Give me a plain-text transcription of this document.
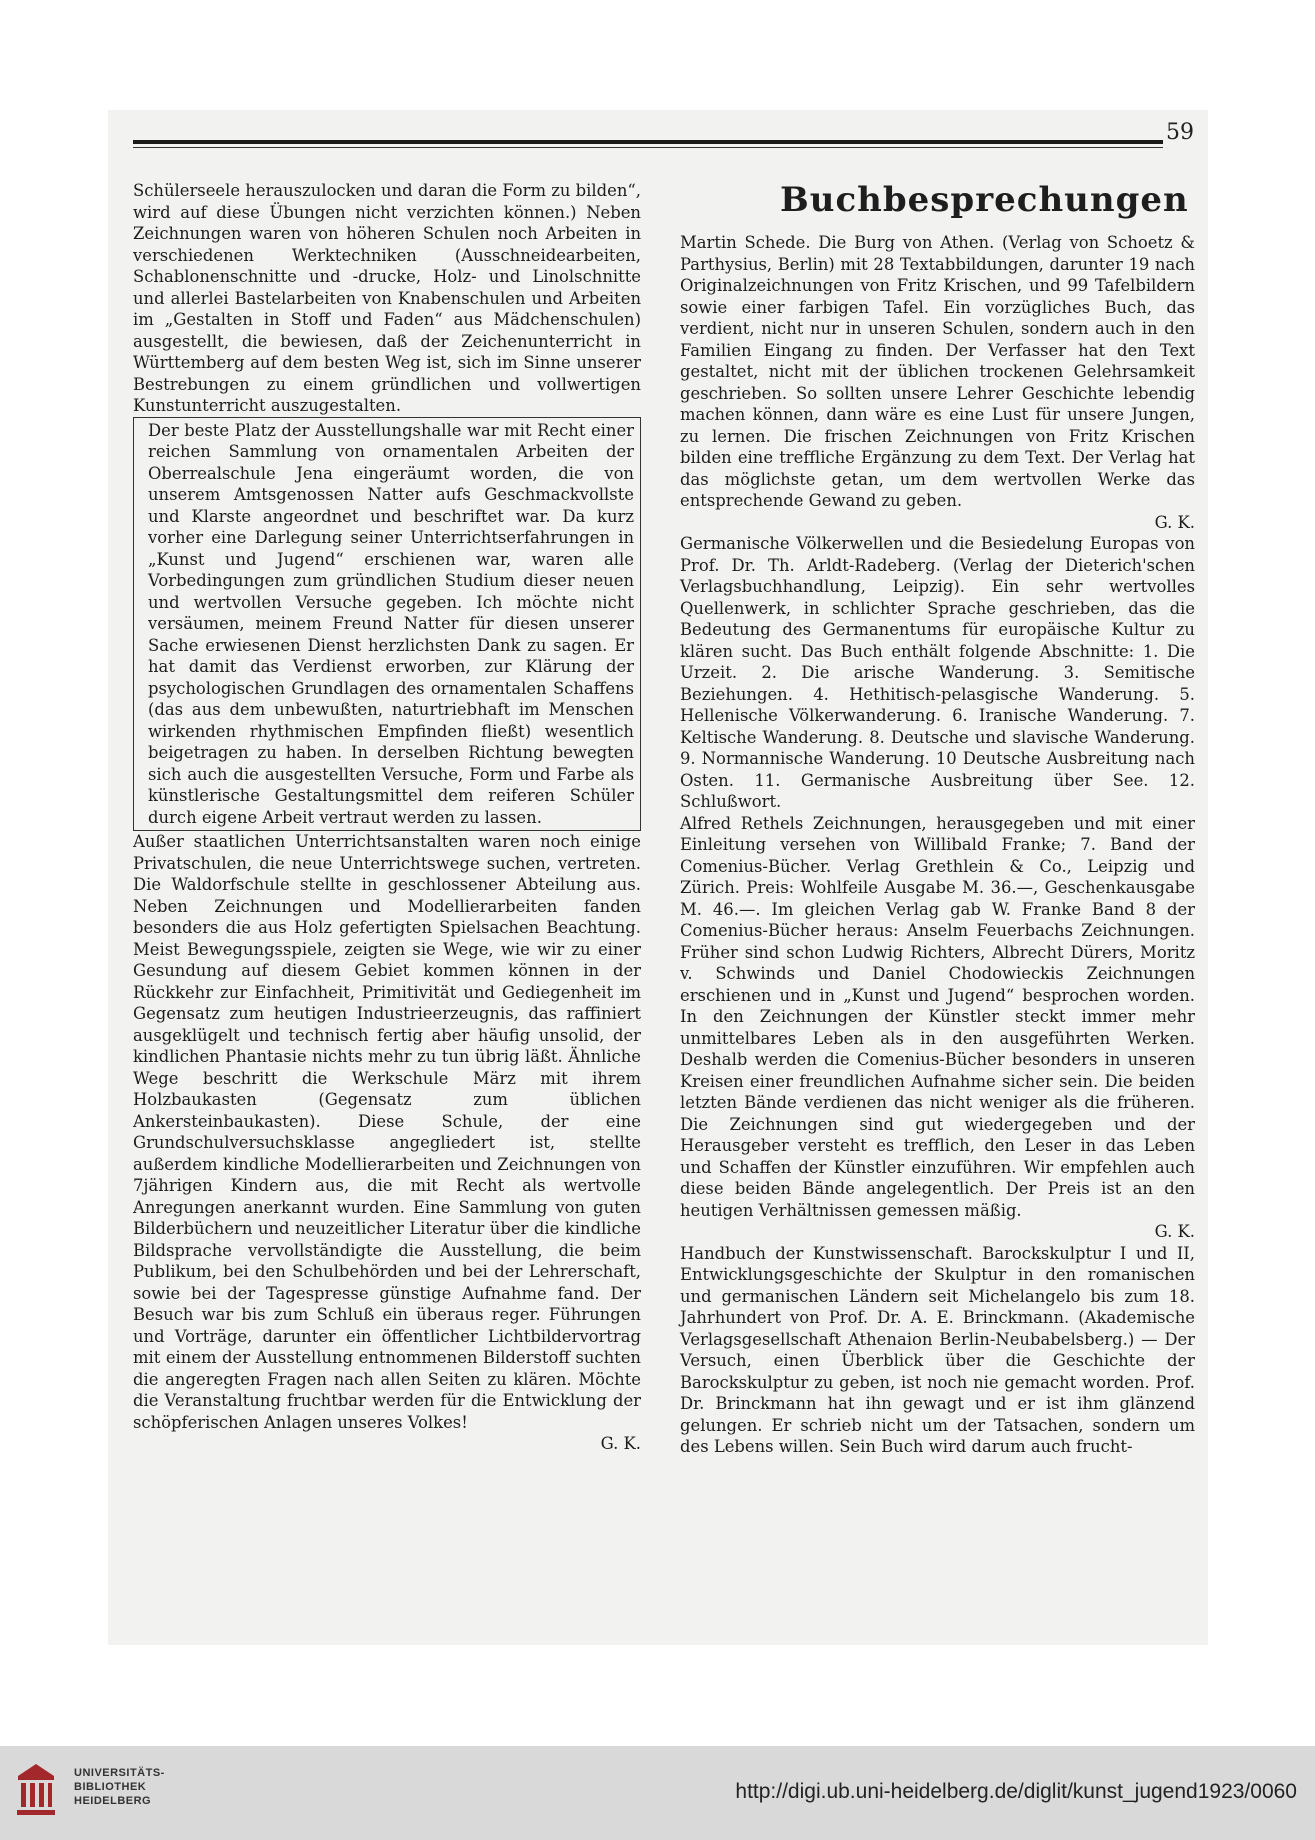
59

Schülerseele herauszulocken und daran die Form zu bilden“, wird auf diese Übungen nicht verzichten können.) Neben Zeichnungen waren von höheren Schulen noch Arbeiten in verschiedenen Werktechniken (Ausschneidearbeiten, Schablonenschnitte und -drucke, Holz- und Linolschnitte und allerlei Bastelarbeiten von Knabenschulen und Arbeiten im „Gestalten in Stoff und Faden“ aus Mädchenschulen) ausgestellt, die bewiesen, daß der Zeichenunterricht in Württemberg auf dem besten Weg ist, sich im Sinne unserer Bestrebungen zu einem gründlichen und vollwertigen Kunstunterricht auszugestalten.

Der beste Platz der Ausstellungshalle war mit Recht einer reichen Sammlung von ornamentalen Arbeiten der Oberrealschule Jena eingeräumt worden, die von unserem Amtsgenossen Natter aufs Geschmackvollste und Klarste angeordnet und beschriftet war. Da kurz vorher eine Darlegung seiner Unterrichtserfahrungen in „Kunst und Jugend“ erschienen war, waren alle Vorbedingungen zum gründlichen Studium dieser neuen und wertvollen Versuche gegeben. Ich möchte nicht versäumen, meinem Freund Natter für diesen unserer Sache erwiesenen Dienst herzlichsten Dank zu sagen. Er hat damit das Verdienst erworben, zur Klärung der psychologischen Grundlagen des ornamentalen Schaffens (das aus dem unbewußten, naturtriebhaft im Menschen wirkenden rhythmischen Empfinden fließt) wesentlich beigetragen zu haben. In derselben Richtung bewegten sich auch die ausgestellten Versuche, Form und Farbe als künstlerische Gestaltungsmittel dem reiferen Schüler durch eigene Arbeit vertraut werden zu lassen.

Außer staatlichen Unterrichtsanstalten waren noch einige Privatschulen, die neue Unterrichtswege suchen, vertreten. Die Waldorfschule stellte in geschlossener Abteilung aus. Neben Zeichnungen und Modellierarbeiten fanden besonders die aus Holz gefertigten Spielsachen Beachtung. Meist Bewegungsspiele, zeigten sie Wege, wie wir zu einer Gesundung auf diesem Gebiet kommen können in der Rückkehr zur Einfachheit, Primitivität und Gediegenheit im Gegensatz zum heutigen Industrieerzeugnis, das raffiniert ausgeklügelt und technisch fertig aber häufig unsolid, der kindlichen Phantasie nichts mehr zu tun übrig läßt. Ähnliche Wege beschritt die Werkschule März mit ihrem Holzbaukasten (Gegensatz zum üblichen Ankersteinbaukasten). Diese Schule, der eine Grundschulversuchsklasse angegliedert ist, stellte außerdem kindliche Modellierarbeiten und Zeichnungen von 7jährigen Kindern aus, die mit Recht als wertvolle Anregungen anerkannt wurden. Eine Sammlung von guten Bilderbüchern und neuzeitlicher Literatur über die kindliche Bildsprache vervollständigte die Ausstellung, die beim Publikum, bei den Schulbehörden und bei der Lehrerschaft, sowie bei der Tagespresse günstige Aufnahme fand. Der Besuch war bis zum Schluß ein überaus reger. Führungen und Vorträge, darunter ein öffentlicher Lichtbildervortrag mit einem der Ausstellung entnommenen Bilderstoff suchten die angeregten Fragen nach allen Seiten zu klären. Möchte die Veranstaltung fruchtbar werden für die Entwicklung der schöpferischen Anlagen unseres Volkes!

G. K.

Buchbesprechungen

Martin Schede. Die Burg von Athen. (Verlag von Schoetz & Parthysius, Berlin) mit 28 Textabbildungen, darunter 19 nach Originalzeichnungen von Fritz Krischen, und 99 Tafelbildern sowie einer farbigen Tafel. Ein vorzügliches Buch, das verdient, nicht nur in unseren Schulen, sondern auch in den Familien Eingang zu finden. Der Verfasser hat den Text gestaltet, nicht mit der üblichen trockenen Gelehrsamkeit geschrieben. So sollten unsere Lehrer Geschichte lebendig machen können, dann wäre es eine Lust für unsere Jungen, zu lernen. Die frischen Zeichnungen von Fritz Krischen bilden eine treffliche Ergänzung zu dem Text. Der Verlag hat das möglichste getan, um dem wertvollen Werke das entsprechende Gewand zu geben.

G. K.

Germanische Völkerwellen und die Besiedelung Europas von Prof. Dr. Th. Arldt-Radeberg. (Verlag der Dieterich'schen Verlagsbuchhandlung, Leipzig). Ein sehr wertvolles Quellenwerk, in schlichter Sprache geschrieben, das die Bedeutung des Germanentums für europäische Kultur zu klären sucht. Das Buch enthält folgende Abschnitte: 1. Die Urzeit. 2. Die arische Wanderung. 3. Semitische Beziehungen. 4. Hethitisch-pelasgische Wanderung. 5. Hellenische Völkerwanderung. 6. Iranische Wanderung. 7. Keltische Wanderung. 8. Deutsche und slavische Wanderung. 9. Normannische Wanderung. 10 Deutsche Ausbreitung nach Osten. 11. Germanische Ausbreitung über See. 12. Schlußwort.

Alfred Rethels Zeichnungen, herausgegeben und mit einer Einleitung versehen von Willibald Franke; 7. Band der Comenius-Bücher. Verlag Grethlein & Co., Leipzig und Zürich. Preis: Wohlfeile Ausgabe M. 36.—, Geschenkausgabe M. 46.—. Im gleichen Verlag gab W. Franke Band 8 der Comenius-Bücher heraus: Anselm Feuerbachs Zeichnungen. Früher sind schon Ludwig Richters, Albrecht Dürers, Moritz v. Schwinds und Daniel Chodowieckis Zeichnungen erschienen und in „Kunst und Jugend“ besprochen worden. In den Zeichnungen der Künstler steckt immer mehr unmittelbares Leben als in den ausgeführten Werken. Deshalb werden die Comenius-Bücher besonders in unseren Kreisen einer freundlichen Aufnahme sicher sein. Die beiden letzten Bände verdienen das nicht weniger als die früheren. Die Zeichnungen sind gut wiedergegeben und der Herausgeber versteht es trefflich, den Leser in das Leben und Schaffen der Künstler einzuführen. Wir empfehlen auch diese beiden Bände angelegentlich. Der Preis ist an den heutigen Verhältnissen gemessen mäßig.

G. K.

Handbuch der Kunstwissenschaft. Barockskulptur I und II, Entwicklungsgeschichte der Skulptur in den romanischen und germanischen Ländern seit Michelangelo bis zum 18. Jahrhundert von Prof. Dr. A. E. Brinckmann. (Akademische Verlagsgesellschaft Athenaion Berlin-Neubabelsberg.) — Der Versuch, einen Überblick über die Geschichte der Barockskulptur zu geben, ist noch nie gemacht worden. Prof. Dr. Brinckmann hat ihn gewagt und er ist ihm glänzend gelungen. Er schrieb nicht um der Tatsachen, sondern um des Lebens willen. Sein Buch wird darum auch frucht-

UNIVERSITÄTS-
BIBLIOTHEK
HEIDELBERG	http://digi.ub.uni-heidelberg.de/diglit/kunst_jugend1923/0060
